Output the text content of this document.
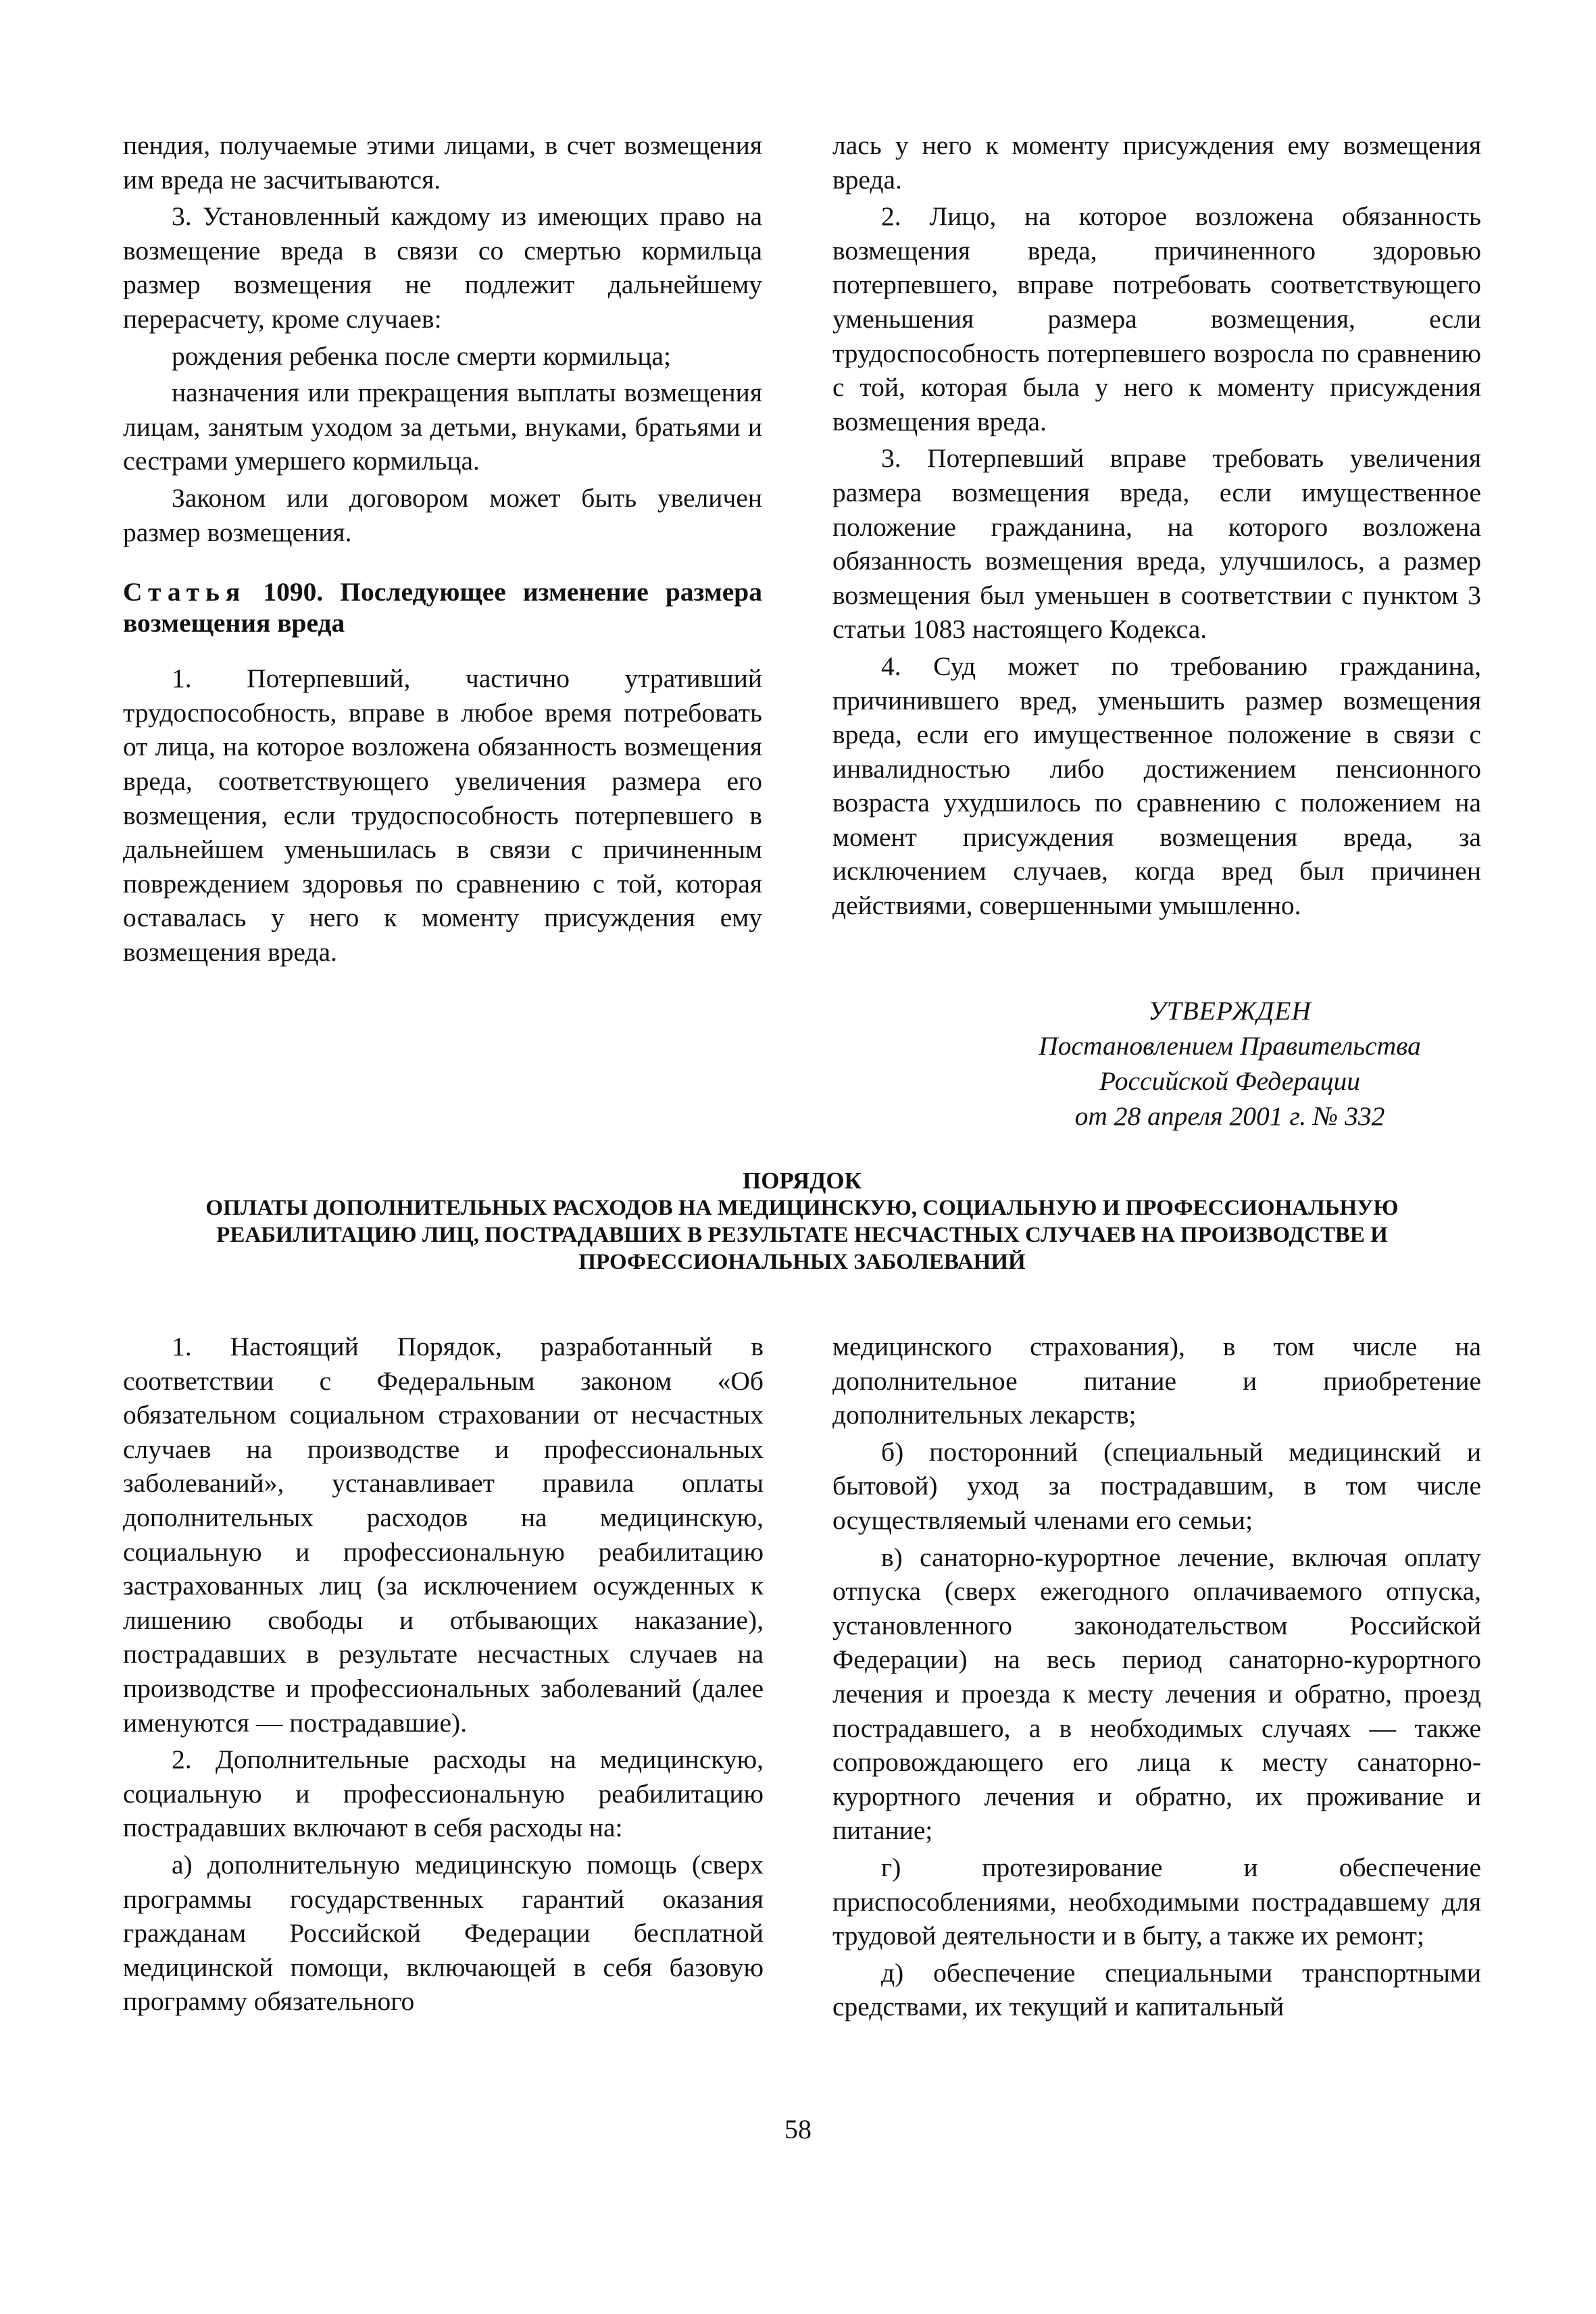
пендия, получаемые этими лицами, в счет возмещения им вреда не засчитываются.

3. Установленный каждому из имеющих право на возмещение вреда в связи со смертью кормильца размер возмещения не подлежит дальнейшему перерасчету, кроме случаев:

рождения ребенка после смерти кормильца;

назначения или прекращения выплаты возмещения лицам, занятым уходом за детьми, внуками, братьями и сестрами умершего кормильца.

Законом или договором может быть увеличен размер возмещения.

Статья 1090. Последующее изменение размера возмещения вреда

1. Потерпевший, частично утративший трудоспособность, вправе в любое время потребовать от лица, на которое возложена обязанность возмещения вреда, соответствующего увеличения размера его возмещения, если трудоспособность потерпевшего в дальнейшем уменьшилась в связи с причиненным повреждением здоровья по сравнению с той, которая оставалась у него к моменту присуждения ему возмещения вреда.

лась у него к моменту присуждения ему возмещения вреда.

2. Лицо, на которое возложена обязанность возмещения вреда, причиненного здоровью потерпевшего, вправе потребовать соответствующего уменьшения размера возмещения, если трудоспособность потерпевшего возросла по сравнению с той, которая была у него к моменту присуждения возмещения вреда.

3. Потерпевший вправе требовать увеличения размера возмещения вреда, если имущественное положение гражданина, на которого возложена обязанность возмещения вреда, улучшилось, а размер возмещения был уменьшен в соответствии с пунктом 3 статьи 1083 настоящего Кодекса.

4. Суд может по требованию гражданина, причинившего вред, уменьшить размер возмещения вреда, если его имущественное положение в связи с инвалидностью либо достижением пенсионного возраста ухудшилось по сравнению с положением на момент присуждения возмещения вреда, за исключением случаев, когда вред был причинен действиями, совершенными умышленно.

УТВЕРЖДЕН
Постановлением Правительства
Российской Федерации
от 28 апреля 2001 г. № 332
ПОРЯДОК
ОПЛАТЫ ДОПОЛНИТЕЛЬНЫХ РАСХОДОВ НА МЕДИЦИНСКУЮ, СОЦИАЛЬНУЮ И ПРОФЕССИОНАЛЬНУЮ
РЕАБИЛИТАЦИЮ ЛИЦ, ПОСТРАДАВШИХ В РЕЗУЛЬТАТЕ НЕСЧАСТНЫХ СЛУЧАЕВ НА ПРОИЗВОДСТВЕ И
ПРОФЕССИОНАЛЬНЫХ ЗАБОЛЕВАНИЙ

1. Настоящий Порядок, разработанный в соответствии с Федеральным законом «Об обязательном социальном страховании от несчастных случаев на производстве и профессиональных заболеваний», устанавливает правила оплаты дополнительных расходов на медицинскую, социальную и профессиональную реабилитацию застрахованных лиц (за исключением осужденных к лишению свободы и отбывающих наказание), пострадавших в результате несчастных случаев на производстве и профессиональных заболеваний (далее именуются — пострадавшие).

2. Дополнительные расходы на медицинскую, социальную и профессиональную реабилитацию пострадавших включают в себя расходы на:

а) дополнительную медицинскую помощь (сверх программы государственных гарантий оказания гражданам Российской Федерации бесплатной медицинской помощи, включающей в себя базовую программу обязательного

медицинского страхования), в том числе на дополнительное питание и приобретение дополнительных лекарств;

б) посторонний (специальный медицинский и бытовой) уход за пострадавшим, в том числе осуществляемый членами его семьи;

в) санаторно-курортное лечение, включая оплату отпуска (сверх ежегодного оплачиваемого отпуска, установленного законодательством Российской Федерации) на весь период санаторно-курортного лечения и проезда к месту лечения и обратно, проезд пострадавшего, а в необходимых случаях — также сопровождающего его лица к месту санаторно-курортного лечения и обратно, их проживание и питание;

г) протезирование и обеспечение приспособлениями, необходимыми пострадавшему для трудовой деятельности и в быту, а также их ремонт;

д) обеспечение специальными транспортными средствами, их текущий и капитальный

58
